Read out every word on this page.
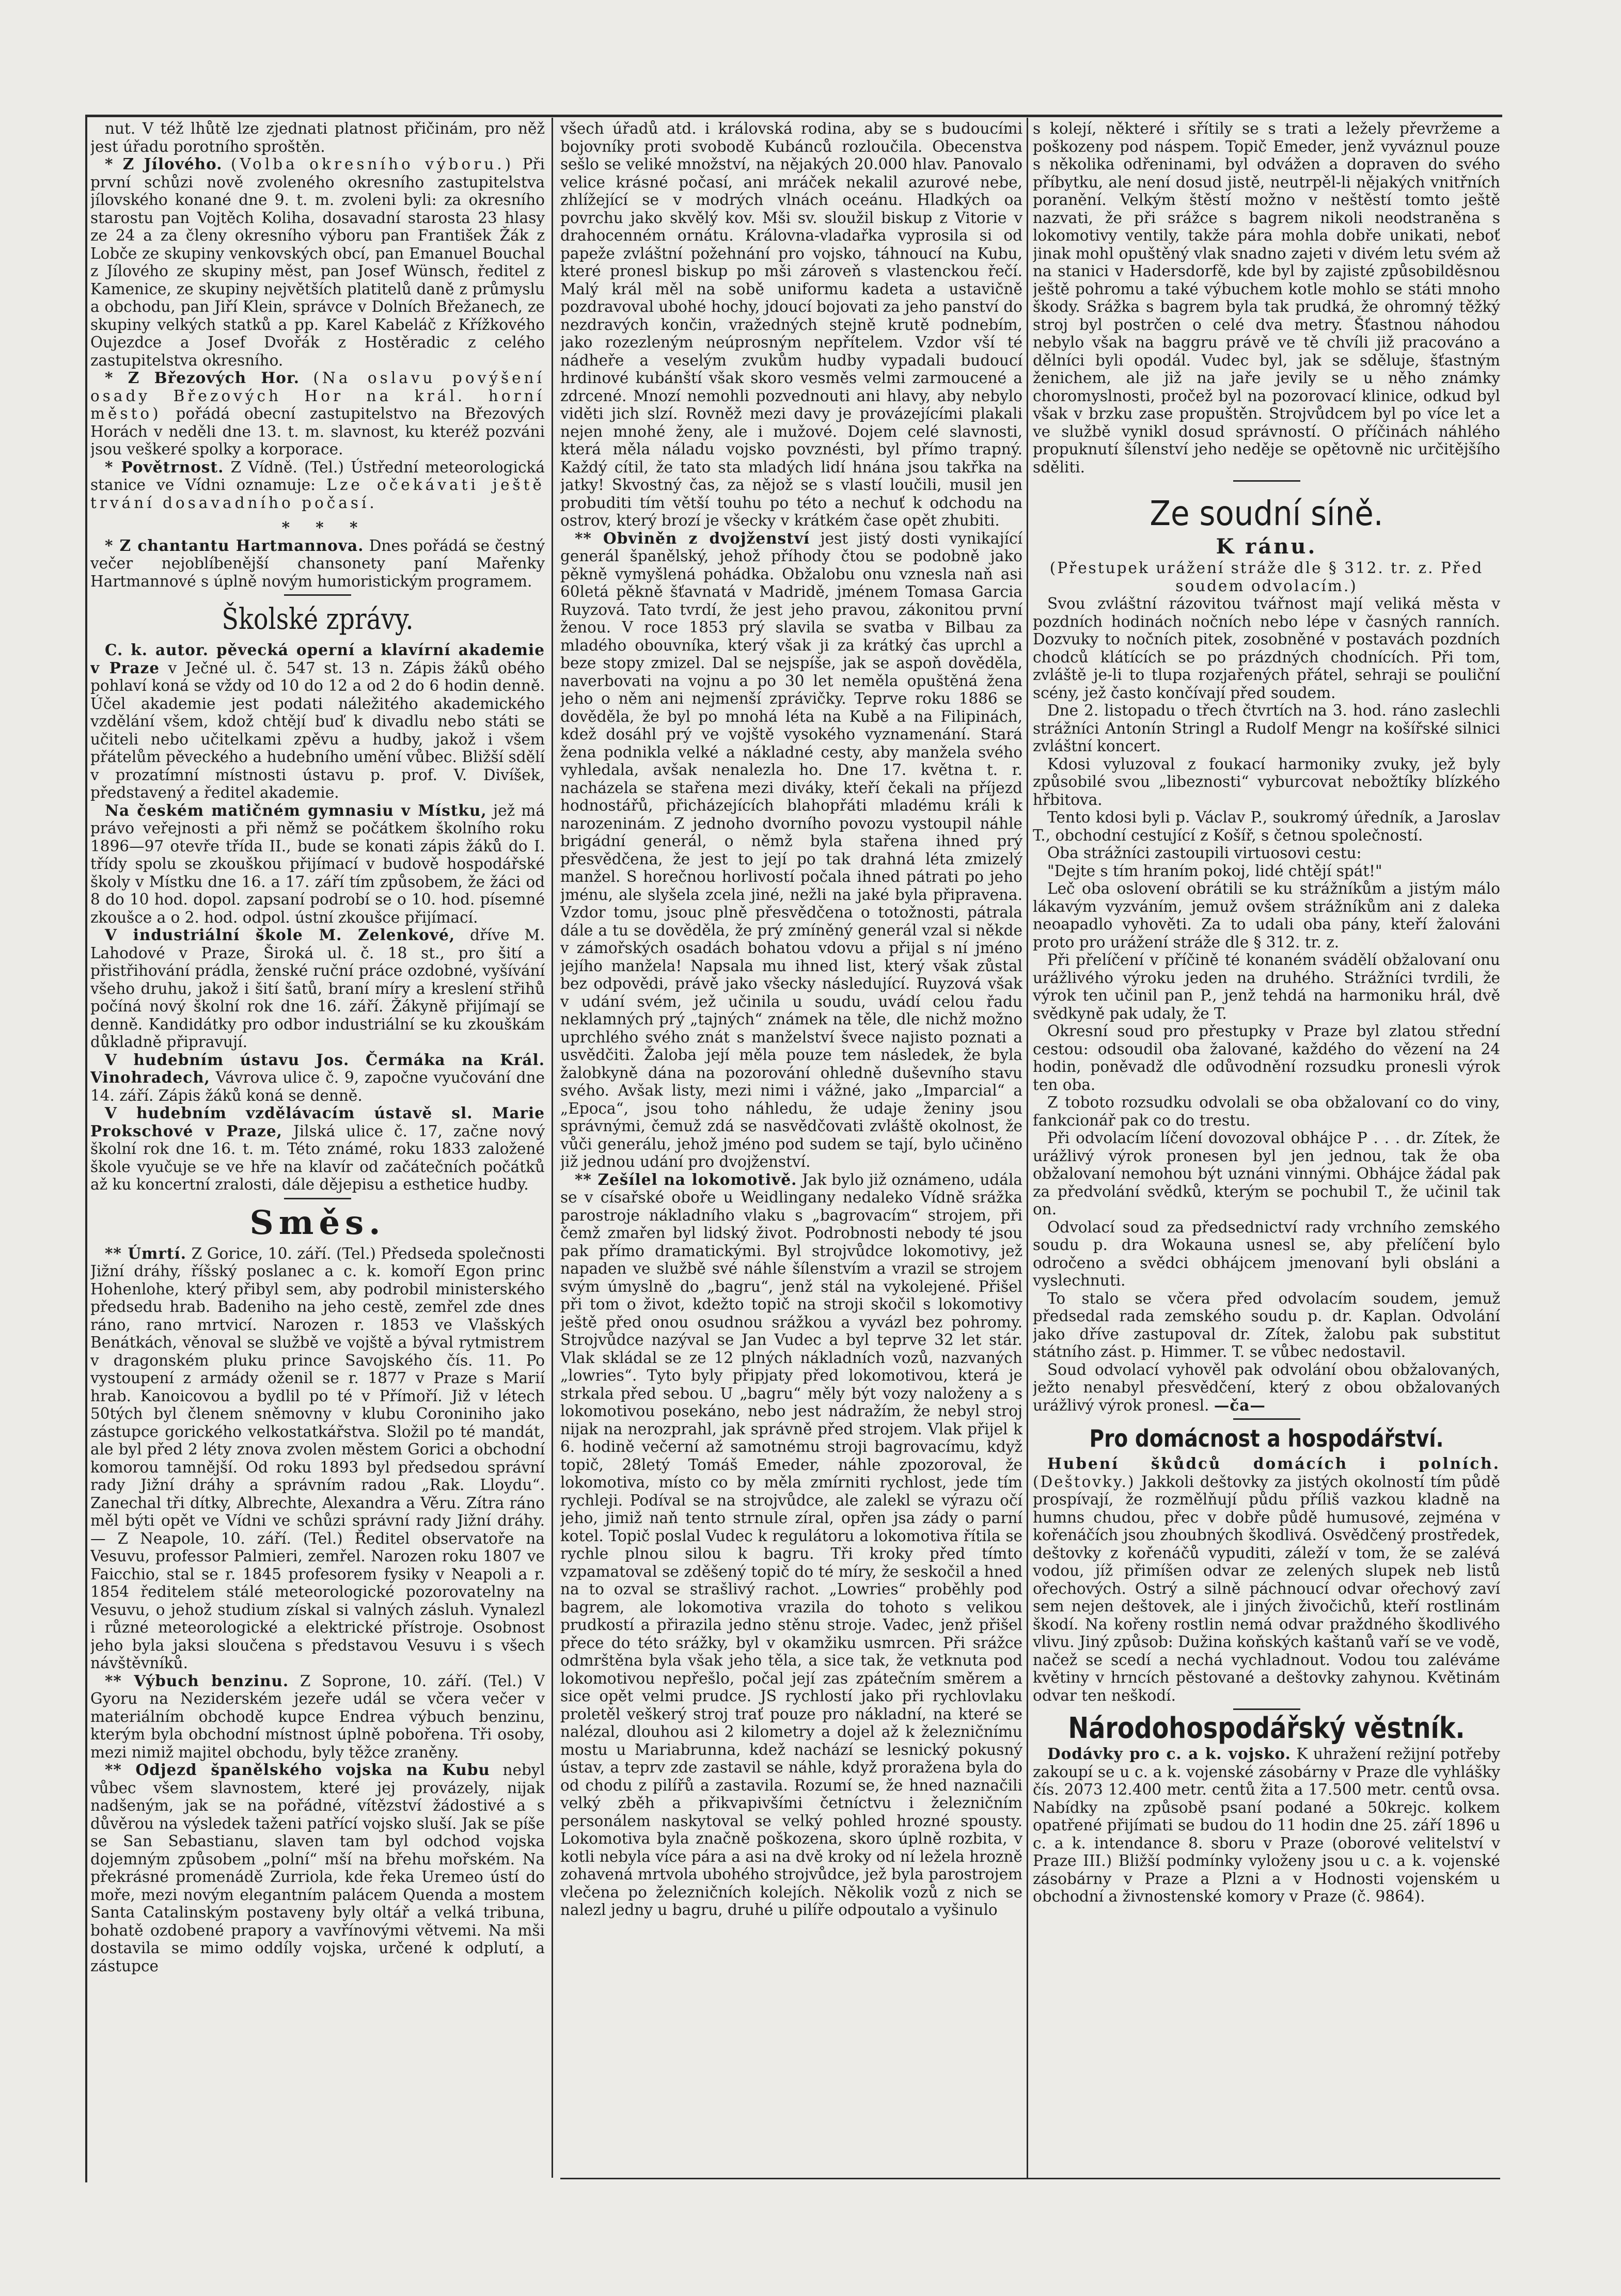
nut. V též lhůtě lze zjednati platnost přičinám, pro něž jest úřadu porotního sproštěn.

* Z Jílového. (Volba okresního výboru.) Při první schůzi nově zvoleného okresního zastupitelstva jílovského konané dne 9. t. m. zvoleni byli: za okresního starostu pan Vojtěch Koliha, dosavadní starosta 23 hlasy ze 24 a za členy okresního výboru pan František Žák z Lobče ze skupiny venkovských obcí, pan Emanuel Bouchal z Jílového ze skupiny měst, pan Josef Wünsch, ředitel z Kamenice, ze skupiny největších platitelů daně z průmyslu a obchodu, pan Jiří Klein, správce v Dolních Břežanech, ze skupiny velkých statků a pp. Karel Kabeláč z Křížkového Oujezdce a Josef Dvořák z Hostěradic z celého zastupitelstva okresního.

* Z Březových Hor. (Na oslavu povýšení osady Březových Hor na král. horní město) pořádá obecní zastupitelstvo na Březových Horách v neděli dne 13. t. m. slavnost, ku kteréž pozváni jsou veškeré spolky a korporace.

* Povětrnost. Z Vídně. (Tel.) Ústřední meteorologická stanice ve Vídni oznamuje: Lze očekávati ještě trvání dosavadního počasí.

* * *

* Z chantantu Hartmannova. Dnes pořádá se čestný večer nejoblíbenější chansonety paní Mařenky Hartmannové s úplně novým humoristickým programem.

Školské zprávy.

C. k. autor. pěvecká operní a klavírní akademie v Praze v Ječné ul. č. 547 st. 13 n. Zápis žáků obého pohlaví koná se vždy od 10 do 12 a od 2 do 6 hodin denně. Účel akademie jest podati náležitého akademického vzdělání všem, kdož chtějí buď k divadlu nebo státi se učiteli nebo učitelkami zpěvu a hudby, jakož i všem přátelům pěveckého a hudebního umění vůbec. Bližší sdělí v prozatímní místnosti ústavu p. prof. V. Divíšek, představený a ředitel akademie.

Na českém matičném gymnasiu v Místku, jež má právo veřejnosti a při němž se počátkem školního roku 1896—97 otevře třída II., bude se konati zápis žáků do I. třídy spolu se zkouškou přijímací v budově hospodářské školy v Místku dne 16. a 17. září tím způsobem, že žáci od 8 do 10 hod. dopol. zapsaní podrobí se o 10. hod. písemné zkoušce a o 2. hod. odpol. ústní zkoušce přijímací.

V industriální škole M. Zelenkové, dříve M. Lahodové v Praze, Široká ul. č. 18 st., pro šití a přistřihování prádla, ženské ruční práce ozdobné, vyšívání všeho druhu, jakož i šití šatů, braní míry a kreslení střihů počíná nový školní rok dne 16. září. Žákyně přijímají se denně. Kandidátky pro odbor industriální se ku zkouškám důkladně připravují.

V hudebním ústavu Jos. Čermáka na Král. Vinohradech, Vávrova ulice č. 9, započne vyučování dne 14. září. Zápis žáků koná se denně.

V hudebním vzdělávacím ústavě sl. Marie Prokschové v Praze, Jilská ulice č. 17, začne nový školní rok dne 16. t. m. Této známé, roku 1833 založené škole vyučuje se ve hře na klavír od začátečních počátků až ku koncertní zralosti, dále dějepisu a esthetice hudby.

Směs.

** Úmrtí. Z Gorice, 10. září. (Tel.) Předseda společnosti Jižní dráhy, říšský poslanec a c. k. komoří Egon princ Hohenlohe, který přibyl sem, aby podrobil ministerského předsedu hrab. Badeniho na jeho cestě, zemřel zde dnes ráno, rano mrtvicí. Narozen r. 1853 ve Vlašských Benátkách, věnoval se službě ve vojště a býval rytmistrem v dragonském pluku prince Savojského čís. 11. Po vystoupení z armády oženil se r. 1877 v Praze s Marií hrab. Kanoicovou a bydlil po té v Přímoří. Již v létech 50tých byl členem sněmovny v klubu Coroniniho jako zástupce gorického velkostatkářstva. Složil po té mandát, ale byl před 2 léty znova zvolen městem Gorici a obchodní komorou tamnější. Od roku 1893 byl předsedou správní rady Jižní dráhy a správním radou „Rak. Lloydu“. Zanechal tři dítky, Albrechte, Alexandra a Věru. Zítra ráno měl býti opět ve Vídni ve schůzi správní rady Jižní dráhy. — Z Neapole, 10. září. (Tel.) Ředitel observatoře na Vesuvu, professor Palmieri, zemřel. Narozen roku 1807 ve Faicchio, stal se r. 1845 profesorem fysiky v Neapoli a r. 1854 ředitelem stálé meteorologické pozorovatelny na Vesuvu, o jehož studium získal si valných zásluh. Vynalezl i různé meteorologické a elektrické přístroje. Osobnost jeho byla jaksi sloučena s představou Vesuvu i s všech návštěvníků.

** Výbuch benzinu. Z Soprone, 10. září. (Tel.) V Gyoru na Neziderském jezeře udál se včera večer v materiálním obchodě kupce Endrea výbuch benzinu, kterým byla obchodní místnost úplně pobořena. Tři osoby, mezi nimiž majitel obchodu, byly těžce zraněny.

** Odjezd španělského vojska na Kubu nebyl vůbec všem slavnostem, které jej provázely, nijak nadšeným, jak se na pořádné, vítězství žádostivé a s důvěrou na výsledek taženi patřící vojsko sluší. Jak se píše se San Sebastianu, slaven tam byl odchod vojska dojemným způsobem „polní“ mší na břehu mořském. Na překrásné promenádě Zurriola, kde řeka Uremeo ústí do moře, mezi novým elegantním palácem Quenda a mostem Santa Catalinským postaveny byly oltář a velká tribuna, bohatě ozdobené prapory a vavřínovými větvemi. Na mši dostavila se mimo oddíly vojska, určené k odplutí, a zástupce

všech úřadů atd. i královská rodina, aby se s budoucími bojovníky proti svobodě Kubánců rozloučila. Obecenstva sešlo se veliké množství, na nějakých 20.000 hlav. Panovalo velice krásné počasí, ani mráček nekalil azurové nebe, zhlížející se v modrých vlnách oceánu. Hladkých oa povrchu jako skvělý kov. Mši sv. sloužil biskup z Vitorie v drahocenném ornátu. Královna-vladařka vyprosila si od papeže zvláštní požehnání pro vojsko, táhnoucí na Kubu, které pronesl biskup po mši zároveň s vlastenckou řečí. Malý král měl na sobě uniformu kadeta a ustavičně pozdravoval ubohé hochy, jdoucí bojovati za jeho panství do nezdravých končin, vražedných stejně krutě podnebím, jako rozezleným neúprosným nepřítelem. Vzdor vší té nádheře a veselým zvukům hudby vypadali budoucí hrdinové kubánští však skoro vesměs velmi zarmoucené a zdrcené. Mnozí nemohli pozvednouti ani hlavy, aby nebylo viděti jich slzí. Rovněž mezi davy je provázejícími plakali nejen mnohé ženy, ale i mužové. Dojem celé slavnosti, která měla náladu vojsko povznésti, byl přímo trapný. Každý cítil, že tato sta mladých lidí hnána jsou takřka na jatky! Skvostný čas, za nějož se s vlastí loučili, musil jen probuditi tím větší touhu po této a nechuť k odchodu na ostrov, který brozí je všecky v krátkém čase opět zhubiti.

** Obviněn z dvojženství jest jistý dosti vynikající generál španělský, jehož příhody čtou se podobně jako pěkně vymyšlená pohádka. Obžalobu onu vznesla naň asi 60letá pěkně šťavnatá v Madridě, jménem Tomasa Garcia Ruyzová. Tato tvrdí, že jest jeho pravou, zákonitou první ženou. V roce 1853 prý slavila se svatba v Bilbau za mladého obouvníka, který však ji za krátký čas uprchl a beze stopy zmizel. Dal se nejspíše, jak se aspoň dověděla, naverbovati na vojnu a po 30 let neměla opuštěná žena jeho o něm ani nejmenší zprávičky. Teprve roku 1886 se dověděla, že byl po mnohá léta na Kubě a na Filipinách, kdež dosáhl prý ve vojště vysokého vyznamenání. Stará žena podnikla velké a nákladné cesty, aby manžela svého vyhledala, avšak nenalezla ho. Dne 17. května t. r. nacházela se stařena mezi diváky, kteří čekali na příjezd hodnostářů, přicházejících blahopřáti mladému králi k narozeninám. Z jednoho dvorního povozu vystoupil náhle brigádní generál, o němž byla stařena ihned prý přesvědčena, že jest to její po tak drahná léta zmizelý manžel. S horečnou horlivostí počala ihned pátrati po jeho jménu, ale slyšela zcela jiné, nežli na jaké byla připravena. Vzdor tomu, jsouc plně přesvědčena o totožnosti, pátrala dále a tu se dověděla, že prý zmíněný generál vzal si někde v zámořských osadách bohatou vdovu a přijal s ní jméno jejího manžela! Napsala mu ihned list, který však zůstal bez odpovědi, právě jako všecky následující. Ruyzová však v udání svém, jež učinila u soudu, uvádí celou řadu neklamných prý „tajných“ známek na těle, dle nichž možno uprchlého svého znát s manželství švece najisto poznati a usvědčiti. Žaloba její měla pouze tem následek, že byla žalobkyně dána na pozorování ohledně duševního stavu svého. Avšak listy, mezi nimi i vážné, jako „Imparcial“ a „Epoca“, jsou toho náhledu, že udaje ženiny jsou správnými, čemuž zdá se nasvědčovati zvláště okolnost, že vůči generálu, jehož jméno pod sudem se tají, bylo učiněno již jednou udání pro dvojženství.

** Zešílel na lokomotivě. Jak bylo již oznámeno, udála se v císařské oboře u Weidlingany nedaleko Vídně srážka parostroje nákladního vlaku s „bagrovacím“ strojem, při čemž zmařen byl lidský život. Podrobnosti nebody té jsou pak přímo dramatickými. Byl strojvůdce lokomotivy, jež napaden ve službě své náhle šílenstvím a vrazil se strojem svým úmyslně do „bagru“, jenž stál na vykolejené. Přišel při tom o život, kdežto topič na stroji skočil s lokomotivy ještě před onou osudnou srážkou a vyvázl bez pohromy. Strojvůdce nazýval se Jan Vudec a byl teprve 32 let stár. Vlak skládal se ze 12 plných nákladních vozů, nazvaných „lowries“. Tyto byly připjaty před lokomotivou, která je strkala před sebou. U „bagru“ měly být vozy naloženy a s lokomotivou posekáno, nebo jest nádražím, že nebyl stroj nijak na nerozprahl, jak správně před strojem. Vlak přijel k 6. hodině večerní až samotnému stroji bagrovacímu, když topič, 28letý Tomáš Emeder, náhle zpozoroval, že lokomotiva, místo co by měla zmírniti rychlost, jede tím rychleji. Podíval se na strojvůdce, ale zalekl se výrazu očí jeho, jimiž naň tento strnule zíral, opřen jsa zády o parní kotel. Topič poslal Vudec k regulátoru a lokomotiva řítila se rychle plnou silou k bagru. Tři kroky před tímto vzpamatoval se zděšený topič do té míry, že seskočil a hned na to ozval se strašlivý rachot. „Lowries“ proběhly pod bagrem, ale lokomotiva vrazila do tohoto s velikou prudkostí a přirazila jedno stěnu stroje. Vadec, jenž přišel přece do této srážky, byl v okamžiku usmrcen. Při srážce odmrštěna byla však jeho těla, a sice tak, že vetknuta pod lokomotivou nepřešlo, počal její zas zpátečním směrem a sice opět velmi prudce. JS rychlostí jako při rychlovlaku proletěl veškerý stroj trať pouze pro nákladní, na které se nalézal, dlouhou asi 2 kilometry a dojel až k železničnímu mostu u Mariabrunna, kdež nachází se lesnický pokusný ústav, a teprv zde zastavil se náhle, když proražena byla do od chodu z pilířů a zastavila. Rozumí se, že hned naznačili velký zběh a přikvapivšími četníctvu i železničním personálem naskytoval se velký pohled hrozné spousty. Lokomotiva byla značně poškozena, skoro úplně rozbita, v kotli nebyla více pára a asi na dvě kroky od ní ležela hrozně zohavená mrtvola ubohého strojvůdce, jež byla parostrojem vlečena po železničních kolejích. Několik vozů z nich se nalezl jedny u bagru, druhé u pilíře odpoutalo a vyšinulo

s kolejí, některé i sřítily se s trati a ležely převržeme a poškozeny pod náspem. Topič Emeder, jenž vyváznul pouze s několika odřeninami, byl odvážen a dopraven do svého příbytku, ale není dosud jistě, neutrpěl-li nějakých vnitřních poranění. Velkým štěstí možno v neštěstí tomto ještě nazvati, že při srážce s bagrem nikoli neodstraněna s lokomotivy ventily, takže pára mohla dobře unikati, neboť jinak mohl opuštěný vlak snadno zajeti v divém letu svém až na stanici v Hadersdorfě, kde byl by zajisté způsobilděsnou ještě pohromu a také výbuchem kotle mohlo se státi mnoho škody. Srážka s bagrem byla tak prudká, že ohromný těžký stroj byl postrčen o celé dva metry. Šťastnou náhodou nebylo však na baggru právě ve tě chvíli již pracováno a dělníci byli opodál. Vudec byl, jak se sděluje, šťastným ženichem, ale již na jaře jevily se u něho známky choromyslnosti, pročež byl na pozorovací klinice, odkud byl však v brzku zase propuštěn. Strojvůdcem byl po více let a ve službě vynikl dosud správností. O příčinách náhlého propuknutí šílenství jeho neděje se opětovně nic určitějšího sděliti.

Ze soudní síně.
K ránu.

(Přestupek urážení stráže dle § 312. tr. z. Před soudem odvolacím.)

Svou zvláštní rázovitou tvářnost mají veliká města v pozdních hodinách nočních nebo lépe v časných ranních. Dozvuky to nočních pitek, zosobněné v postavách pozdních chodců klátících se po prázdných chodnících. Při tom, zvláště je-li to tlupa rozjařených přátel, sehraji se pouliční scény, jež často končívají před soudem.

Dne 2. listopadu o třech čtvrtích na 3. hod. ráno zaslechli strážníci Antonín Stringl a Rudolf Mengr na košířské silnici zvláštní koncert.

Kdosi vyluzoval z foukací harmoniky zvuky, jež byly způsobilé svou „libeznosti“ vyburcovat nebožtíky blízkého hřbitova.

Tento kdosi byli p. Václav P., soukromý úředník, a Jaroslav T., obchodní cestující z Košíř, s četnou společností.

Oba strážníci zastoupili virtuosovi cestu:

"Dejte s tím hraním pokoj, lidé chtějí spát!"

Leč oba oslovení obrátili se ku strážníkům a jistým málo lákavým vyzváním, jemuž ovšem strážníkům ani z daleka neoapadlo vyhověti. Za to udali oba pány, kteří žalováni proto pro urážení stráže dle § 312. tr. z.

Při přelíčení v příčině té konaném svádělí obžalovaní onu urážlivého výroku jeden na druhého. Strážníci tvrdili, že výrok ten učinil pan P., jenž tehdá na harmoniku hrál, dvě svědkyně pak udaly, že T.

Okresní soud pro přestupky v Praze byl zlatou střední cestou: odsoudil oba žalované, každého do vězení na 24 hodin, poněvadž dle odůvodnění rozsudku pronesli výrok ten oba.

Z toboto rozsudku odvolali se oba obžalovaní co do viny, fankcionář pak co do trestu.

Při odvolacím líčení dovozoval obhájce P . . . dr. Zítek, že urážlivý výrok pronesen byl jen jednou, tak že oba obžalovaní nemohou být uznáni vinnými. Obhájce žádal pak za předvolání svědků, kterým se pochubil T., že učinil tak on.

Odvolací soud za předsednictví rady vrchního zemského soudu p. dra Wokauna usnesl se, aby přelíčení bylo odročeno a svědci obhájcem jmenovaní byli obsláni a vyslechnuti.

To stalo se včera před odvolacím soudem, jemuž předsedal rada zemského soudu p. dr. Kaplan. Odvolání jako dříve zastupoval dr. Zítek, žalobu pak substitut státního zást. p. Himmer. T. se vůbec nedostavil.

Soud odvolací vyhověl pak odvolání obou obžalovaných, ježto nenabyl přesvědčení, který z obou obžalovaných urážlivý výrok pronesl. —ča—

Pro domácnost a hospodářství.

Hubení škůdců domácích i polních. (Deštovky.) Jakkoli deštovky za jistých okolností tím půdě prospívají, že rozmělňují půdu příliš vazkou kladně na humns chudou, přec v dobře půdě humusové, zejména v kořenáčích jsou zhoubných škodlivá. Osvědčený prostředek, deštovky z kořenáčů vypuditi, záleží v tom, že se zalévá vodou, jíž přimíšen odvar ze zelených slupek neb listů ořechových. Ostrý a silně páchnoucí odvar ořechový zaví sem nejen deštovek, ale i jiných živočichů, kteří rostlinám škodí. Na kořeny rostlin nemá odvar praždného škodlivého vlivu. Jiný způsob: Dužina koňských kaštanů vaří se ve vodě, načež se scedí a nechá vychladnout. Vodou tou zaléváme květiny v hrncích pěstované a deštovky zahynou. Květinám odvar ten neškodí.

Národohospodářský věstník.

Dodávky pro c. a k. vojsko. K uhražení režijní potřeby zakoupí se u c. a k. vojenské zásobárny v Praze dle vyhlášky čís. 2073 12.400 metr. centů žita a 17.500 metr. centů ovsa. Nabídky na způsobě psaní podané a 50krejc. kolkem opatřené přijímati se budou do 11 hodin dne 25. září 1896 u c. a k. intendance 8. sboru v Praze (oborové velitelství v Praze III.) Bližší podmínky vyloženy jsou u c. a k. vojenské zásobárny v Praze a Plzni a v Hodnosti vojenském u obchodní a živnostenské komory v Praze (č. 9864).
